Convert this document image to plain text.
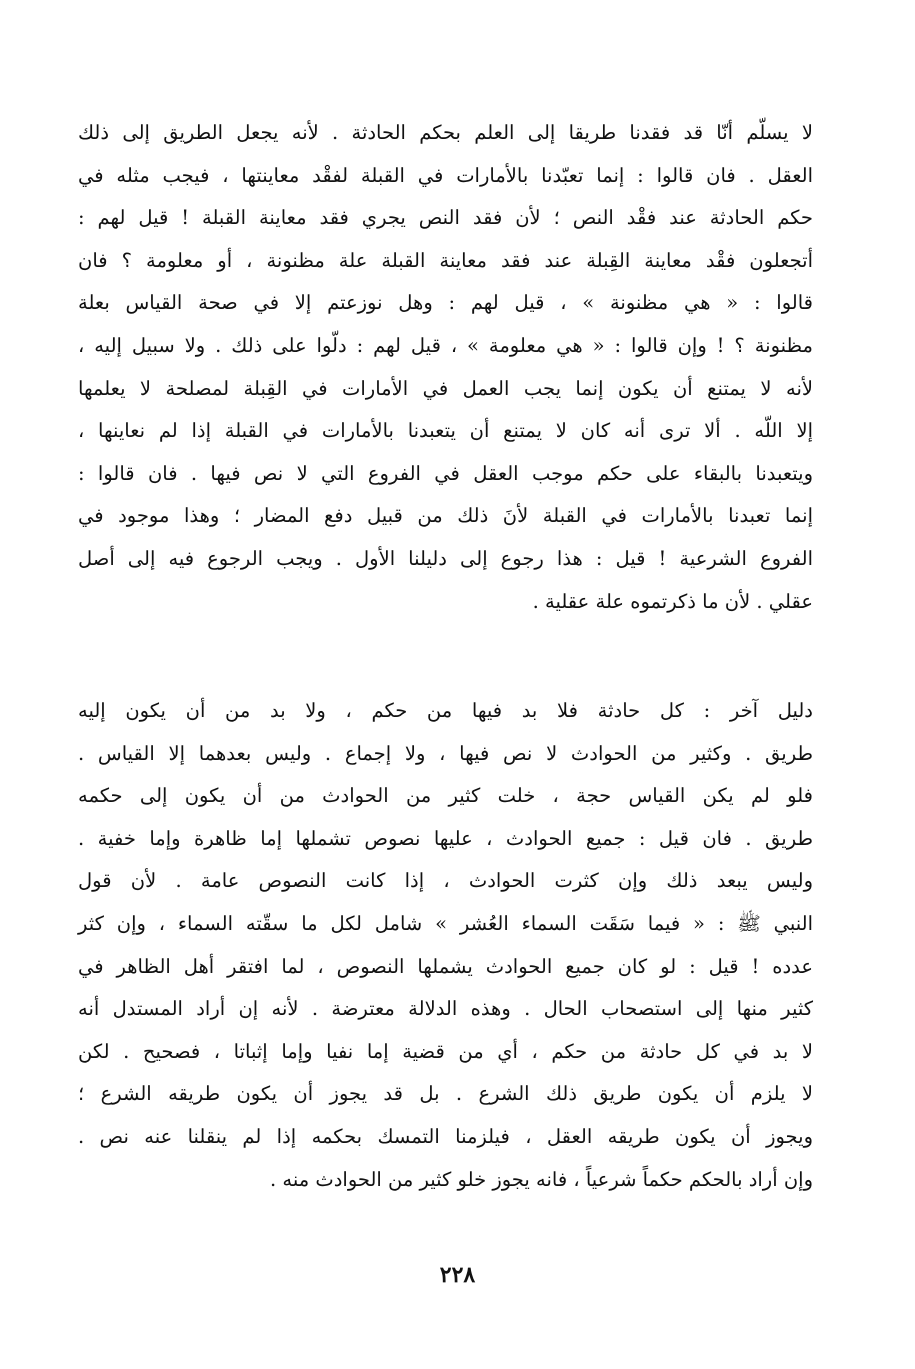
لا يسلّم أنّا قد فقدنا طريقا إلى العلم بحكم الحادثة . لأنه يجعل الطريق إلى ذلك
العقل . فان قالوا : إنما تعبّدنا بالأمارات في القبلة لفقْد معاينتها ، فيجب مثله في
حكم الحادثة عند فقْد النص ؛ لأن فقد النص يجري فقد معاينة القبلة ! قيل لهم :
أتجعلون فقْد معاينة القِبلة عند فقد معاينة القبلة علة مظنونة ، أو معلومة ؟ فان
قالوا : « هي مظنونة » ، قيل لهم : وهل نوزعتم إلا في صحة القياس بعلة
مظنونة ؟ ! وإن قالوا : « هي معلومة » ، قيل لهم : دلّوا على ذلك . ولا سبيل إليه ،
لأنه لا يمتنع أن يكون إنما يجب العمل في الأمارات في القِبلة لمصلحة لا يعلمها
إلا اللّه . ألا ترى أنه كان لا يمتنع أن يتعبدنا بالأمارات في القبلة إذا لم نعاينها ،
ويتعبدنا بالبقاء على حكم موجب العقل في الفروع التي لا نص فيها . فان قالوا :
إنما تعبدنا بالأمارات في القبلة لأنَ ذلك من قبيل دفع المضار ؛ وهذا موجود في
الفروع الشرعية ! قيل : هذا رجوع إلى دليلنا الأول . ويجب الرجوع فيه إلى أصل
عقلي . لأن ما ذكرتموه علة عقلية .
دليل آخر : كل حادثة فلا بد فيها من حكم ، ولا بد من أن يكون إليه
طريق . وكثير من الحوادث لا نص فيها ، ولا إجماع . وليس بعدهما إلا القياس .
فلو لم يكن القياس حجة ، خلت كثير من الحوادث من أن يكون إلى حكمه
طريق . فان قيل : جميع الحوادث ، عليها نصوص تشملها إما ظاهرة وإما خفية .
وليس يبعد ذلك وإن كثرت الحوادث ، إذا كانت النصوص عامة . لأن قول
النبي ﷺ : « فيما سَقَت السماء العُشر » شامل لكل ما سقّته السماء ، وإن كثر
عدده ! قيل : لو كان جميع الحوادث يشملها النصوص ، لما افتقر أهل الظاهر في
كثير منها إلى استصحاب الحال . وهذه الدلالة معترضة . لأنه إن أراد المستدل أنه
لا بد في كل حادثة من حكم ، أي من قضية إما نفيا وإما إثباتا ، فصحيح . لكن
لا يلزم أن يكون طريق ذلك الشرع . بل قد يجوز أن يكون طريقه الشرع ؛
ويجوز أن يكون طريقه العقل ، فيلزمنا التمسك بحكمه إذا لم ينقلنا عنه نص .
وإن أراد بالحكم حكماً شرعياً ، فانه يجوز خلو كثير من الحوادث منه .
٢٢٨
